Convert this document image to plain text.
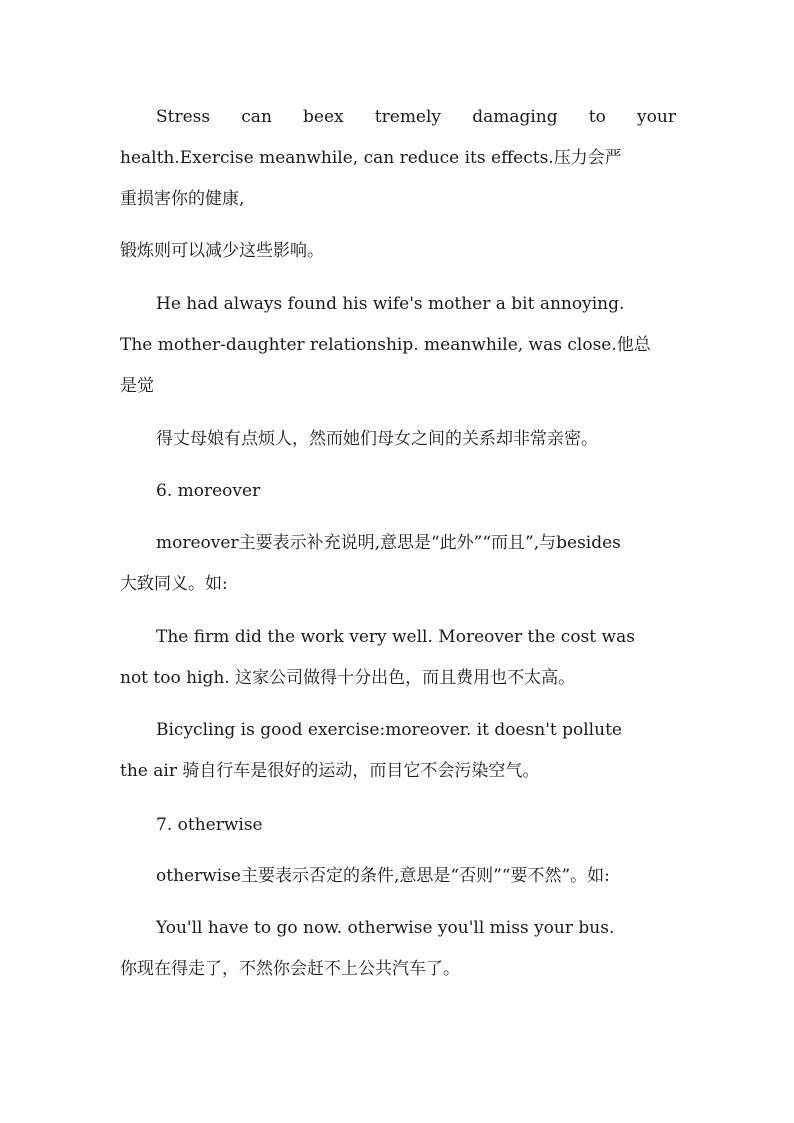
Stress can beex tremely damaging to your
health.Exercise meanwhile, can reduce its effects.压力会严
重损害你的健康,
锻炼则可以减少这些影响。
He had always found his wife's mother a bit annoying.
The mother-daughter relationship. meanwhile, was close.他总
是觉
得丈母娘有点烦人，然而她们母女之间的关系却非常亲密。
6. moreover
moreover主要表示补充说明,意思是“此外”“而且”,与besides
大致同义。如:
The firm did the work very well. Moreover the cost was
not too high. 这家公司做得十分出色，而且费用也不太高。
Bicycling is good exercise:moreover. it doesn't pollute
the air 骑自行车是很好的运动，而目它不会污染空气。
7. otherwise
otherwise主要表示否定的条件,意思是“否则”“要不然”。如:
You'll have to go now. otherwise you'll miss your bus.
你现在得走了，不然你会赶不上公共汽车了。
